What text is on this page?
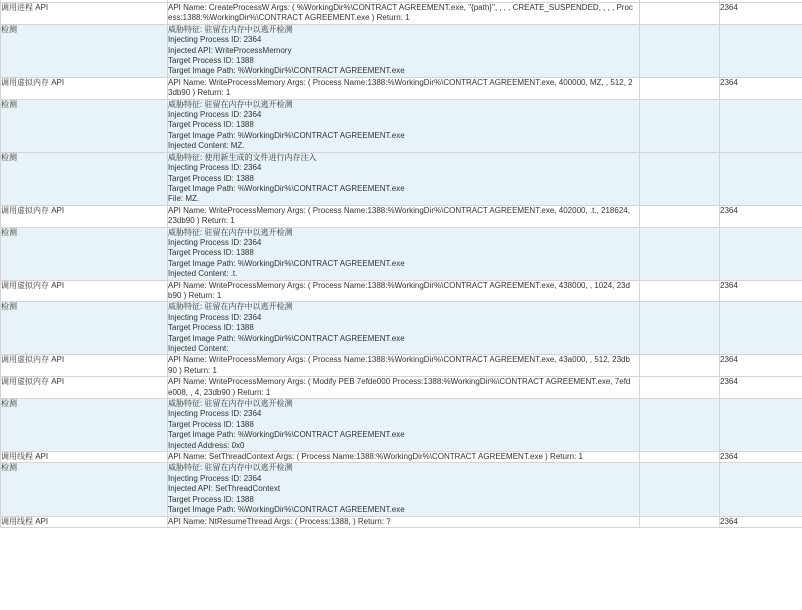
调用进程 API	API Name: CreateProcessW Args: ( %WorkingDir%\CONTRACT AGREEMENT.exe, "{path}", , , , CREATE_SUSPENDED, , , , Proc
ess:1388:%WorkingDir%\CONTRACT AGREEMENT.exe ) Return: 1		2364
检测	威胁特征: 驻留在内存中以逃开检测
Injecting Process ID: 2364
Injected API: WriteProcessMemory
Target Process ID: 1388
Target Image Path: %WorkingDir%\CONTRACT AGREEMENT.exe		

调用虚拟内存 API	API Name: WriteProcessMemory Args: ( Process Name:1388:%WorkingDir%\CONTRACT AGREEMENT.exe, 400000, MZ, , 512, 2
3db90 ) Return: 1		2364
检测	威胁特征: 驻留在内存中以逃开检测
Injecting Process ID: 2364
Target Process ID: 1388
Target Image Path: %WorkingDir%\CONTRACT AGREEMENT.exe
Injected Content: MZ.		

检测	威胁特征: 使用新生成的文件进行内存注入
Injecting Process ID: 2364
Target Process ID: 1388
Target Image Path: %WorkingDir%\CONTRACT AGREEMENT.exe
File: MZ.		

调用虚拟内存 API	API Name: WriteProcessMemory Args: ( Process Name:1388:%WorkingDir%\CONTRACT AGREEMENT.exe, 402000, .t., 218624,
23db90 ) Return: 1		2364
检测	威胁特征: 驻留在内存中以逃开检测
Injecting Process ID: 2364
Target Process ID: 1388
Target Image Path: %WorkingDir%\CONTRACT AGREEMENT.exe
Injected Content: .t.		

调用虚拟内存 API	API Name: WriteProcessMemory Args: ( Process Name:1388:%WorkingDir%\CONTRACT AGREEMENT.exe, 438000, , 1024, 23d
b90 ) Return: 1		2364
检测	威胁特征: 驻留在内存中以逃开检测
Injecting Process ID: 2364
Target Process ID: 1388
Target Image Path: %WorkingDir%\CONTRACT AGREEMENT.exe
Injected Content:		

调用虚拟内存 API	API Name: WriteProcessMemory Args: ( Process Name:1388:%WorkingDir%\CONTRACT AGREEMENT.exe, 43a000, , 512, 23db
90 ) Return: 1		2364
调用虚拟内存 API	API Name: WriteProcessMemory Args: ( Modify PEB 7efde000 Process:1388:%WorkingDir%\CONTRACT AGREEMENT.exe, 7efd
e008, , 4, 23db90 ) Return: 1		2364
检测	威胁特征: 驻留在内存中以逃开检测
Injecting Process ID: 2364
Target Process ID: 1388
Target Image Path: %WorkingDir%\CONTRACT AGREEMENT.exe
Injected Address: 0x0		

调用线程 API	API Name: SetThreadContext Args: ( Process Name:1388:%WorkingDir%\CONTRACT AGREEMENT.exe ) Return: 1		2364
检测	威胁特征: 驻留在内存中以逃开检测
Injecting Process ID: 2364
Injected API: SetThreadContext
Target Process ID: 1388
Target Image Path: %WorkingDir%\CONTRACT AGREEMENT.exe		

调用线程 API	API Name: NtResumeThread Args: ( Process:1388, ) Return: ?		2364
